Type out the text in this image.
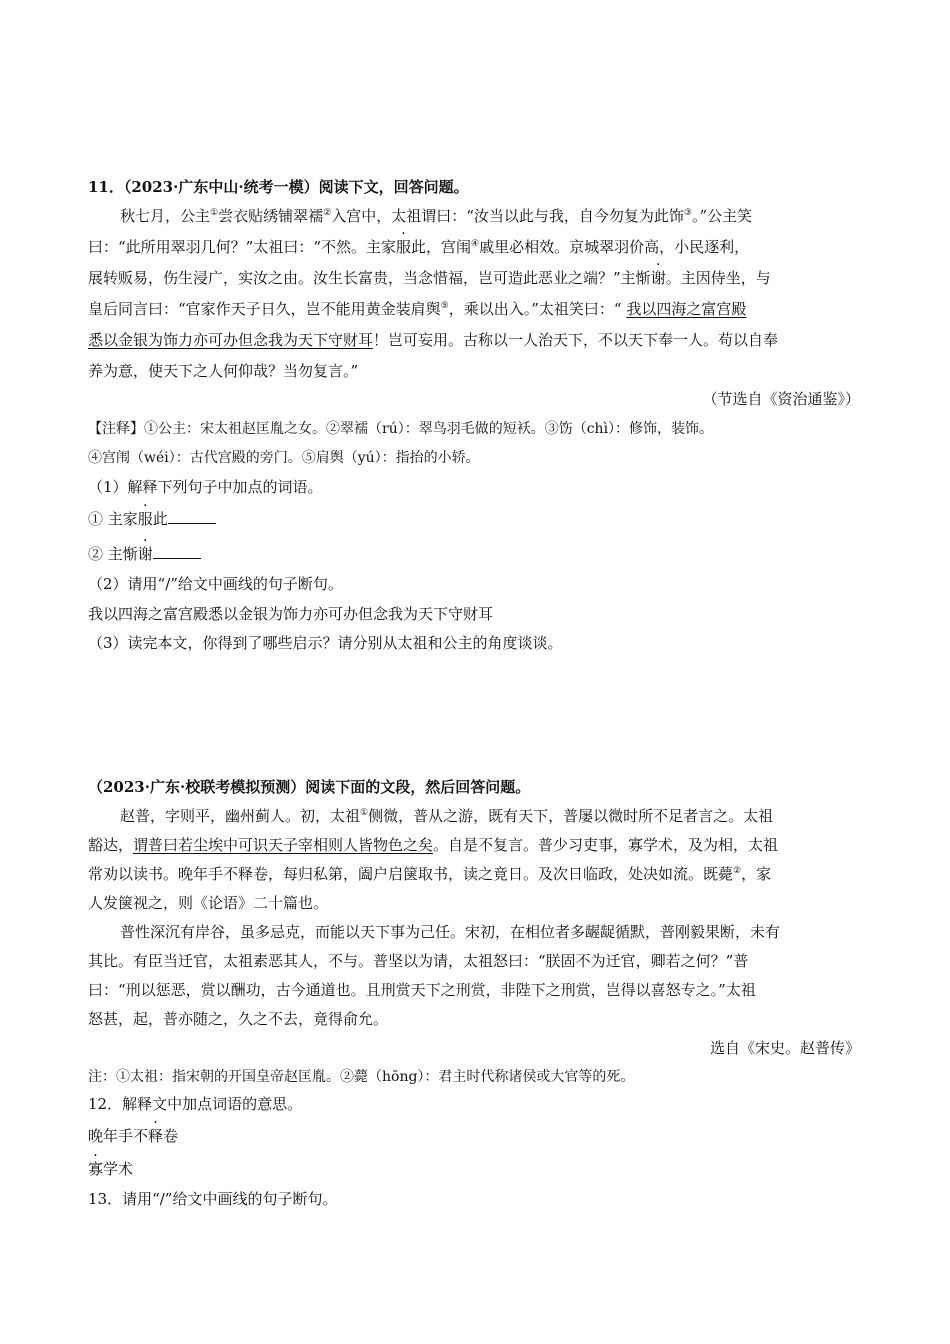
11．（2023·广东中山·统考一模）阅读下文，回答问题。
秋七月，公主①尝衣贴绣铺翠襦②入宫中，太祖谓曰：“汝当以此与我，自今勿复为此饰③。”公主笑
曰：“此所用翠羽几何？”太祖曰：“不然。主家服此，宫闱④戚里必相效。京城翠羽价高，小民逐利，
展转贩易，伤生浸广，实汝之由。汝生长富贵，当念惜福，岂可造此恶业之端？”主惭谢。主因侍坐，与
皇后同言曰：“官家作天子日久，岂不能用黄金装肩舆⑤，乘以出入。”太祖笑曰：“ 我以四海之富宫殿
悉以金银为饰力亦可办但念我为天下守财耳！岂可妄用。古称以一人治天下，不以天下奉一人。苟以自奉
养为意，使天下之人何仰哉？当勿复言。”
（节选自《资治通鉴》）
【注释】①公主：宋太祖赵匡胤之女。②翠襦（rú）：翠鸟羽毛做的短袄。③饬（chì）：修饰，装饰。
④宫闱（wéi）：古代宫殿的旁门。⑤肩舆（yú）：指抬的小轿。
（1）解释下列句子中加点的词语。
① 主家服此
② 主惭谢
（2）请用“/”给文中画线的句子断句。
我以四海之富宫殿悉以金银为饰力亦可办但念我为天下守财耳
（3）读完本文，你得到了哪些启示？请分别从太祖和公主的角度谈谈。
（2023·广东·校联考模拟预测）阅读下面的文段，然后回答问题。
赵普，字则平，幽州蓟人。初，太祖①侧微，普从之游，既有天下，普屡以微时所不足者言之。太祖
豁达，谓普曰若尘埃中可识天子宰相则人皆物色之矣。自是不复言。普少习吏事，寡学术，及为相，太祖
常劝以读书。晚年手不释卷，每归私第，阖户启箧取书，读之竟日。及次日临政，处决如流。既薨②，家
人发箧视之，则《论语》二十篇也。
普性深沉有岸谷，虽多忌克，而能以天下事为己任。宋初，在相位者多龌龊循默，普刚毅果断，未有
其比。有臣当迁官，太祖素恶其人，不与。普坚以为请，太祖怒曰：“朕固不为迁官，卿若之何？”普
曰：“刑以惩恶，赏以酬功，古今通道也。且刑赏天下之刑赏，非陛下之刑赏，岂得以喜怒专之。”太祖
怒甚，起，普亦随之，久之不去，竟得俞允。
选自《宋史。赵普传》
注：①太祖：指宋朝的开国皇帝赵匡胤。②薨（hōng）：君主时代称诸侯或大官等的死。
12．解释文中加点词语的意思。
晚年手不释卷
寡学术
13．请用“/”给文中画线的句子断句。
